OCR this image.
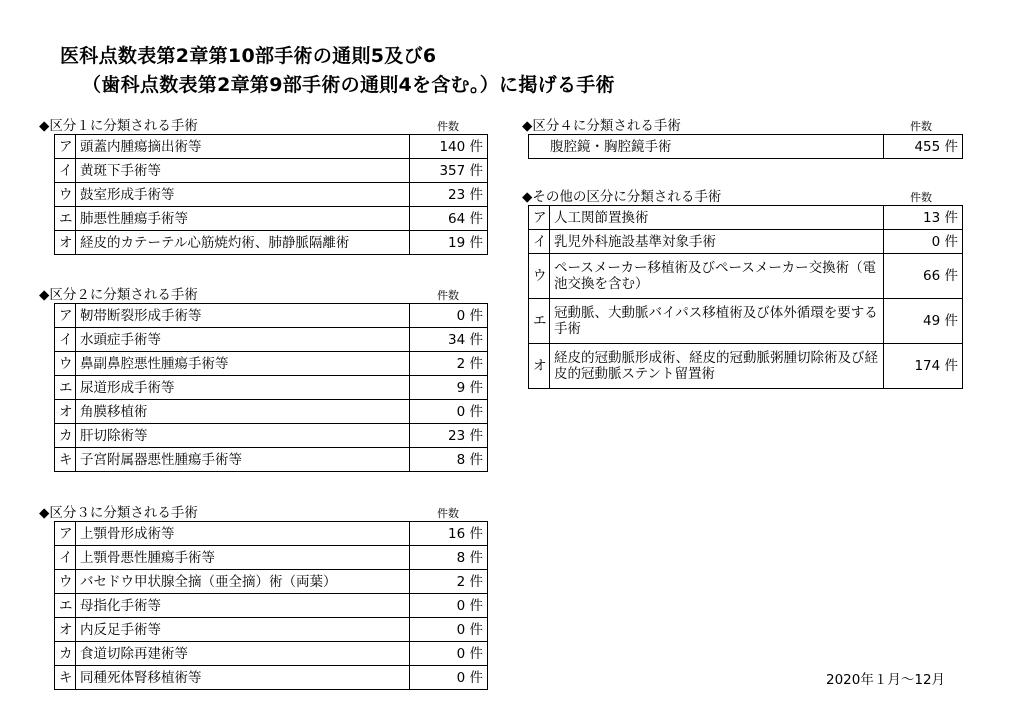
医科点数表第2章第10部手術の通則5及び6
（歯科点数表第2章第9部手術の通則4を含む。）に掲げる手術
◆区分１に分類される手術	件数
ア	頭蓋内腫瘍摘出術等	140 件
イ	黄斑下手術等	357 件
ウ	鼓室形成手術等	23 件
エ	肺悪性腫瘍手術等	64 件
オ	経皮的カテーテル心筋焼灼術、肺静脈隔離術	19 件
◆区分２に分類される手術	件数
ア	靭帯断裂形成手術等	0 件
イ	水頭症手術等	34 件
ウ	鼻副鼻腔悪性腫瘍手術等	2 件
エ	尿道形成手術等	9 件
オ	角膜移植術	0 件
カ	肝切除術等	23 件
キ	子宮附属器悪性腫瘍手術等	8 件
◆区分３に分類される手術	件数
ア	上顎骨形成術等	16 件
イ	上顎骨悪性腫瘍手術等	8 件
ウ	バセドウ甲状腺全摘（亜全摘）術（両葉）	2 件
エ	母指化手術等	0 件
オ	内反足手術等	0 件
カ	食道切除再建術等	0 件
キ	同種死体腎移植術等	0 件
◆区分４に分類される手術	件数
腹腔鏡・胸腔鏡手術	455 件
◆その他の区分に分類される手術	件数
ア	人工関節置換術	13 件
イ	乳児外科施設基準対象手術	0 件
ウ	ペースメーカー移植術及びペースメーカー交換術（電池交換を含む）	66 件
エ	冠動脈、大動脈バイパス移植術及び体外循環を要する手術	49 件
オ	経皮的冠動脈形成術、経皮的冠動脈粥腫切除術及び経皮的冠動脈ステント留置術	174 件
2020年１月～12月
